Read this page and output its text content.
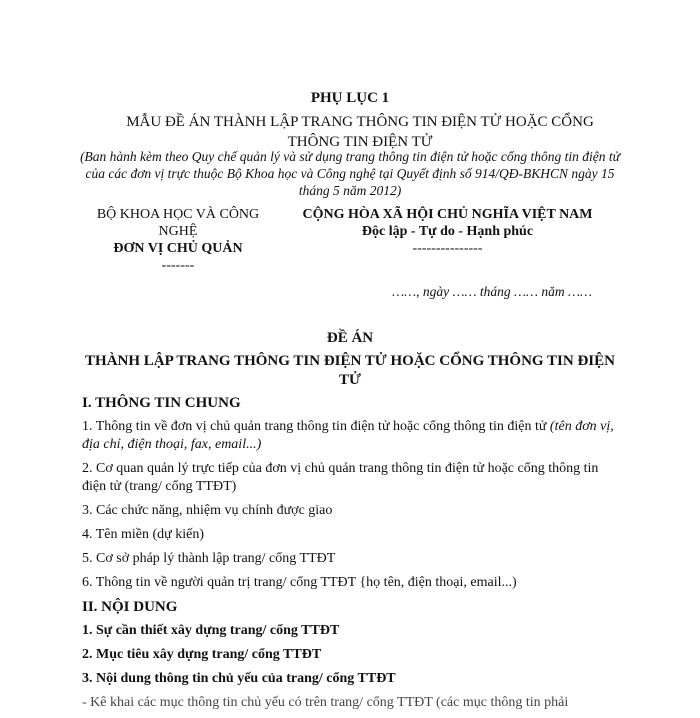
PHỤ LỤC 1
MẪU ĐỀ ÁN THÀNH LẬP TRANG THÔNG TIN ĐIỆN TỬ HOẶC CỔNG THÔNG TIN ĐIỆN TỬ
(Ban hành kèm theo Quy chế quản lý và sử dụng trang thông tin điện tử hoặc cổng thông tin điện tử của các đơn vị trực thuộc Bộ Khoa học và Công nghệ tại Quyết định số 914/QĐ-BKHCN ngày 15 tháng 5 năm 2012)
BỘ KHOA HỌC VÀ CÔNG NGHỆ
ĐƠN VỊ CHỦ QUẢN
-------
CỘNG HÒA XÃ HỘI CHỦ NGHĨA VIỆT NAM
Độc lập - Tự do - Hạnh phúc
---------------
……, ngày …… tháng …… năm ……
ĐỀ ÁN
THÀNH LẬP TRANG THÔNG TIN ĐIỆN TỬ HOẶC CỔNG THÔNG TIN ĐIỆN TỬ
I. THÔNG TIN CHUNG
1. Thông tin về đơn vị chủ quản trang thông tin điện tử hoặc cổng thông tin điện tử (tên đơn vị, địa chỉ, điện thoại, fax, email...)
2. Cơ quan quản lý trực tiếp của đơn vị chủ quản trang thông tin điện tử hoặc cổng thông tin điện tử (trang/ cổng TTĐT)
3. Các chức năng, nhiệm vụ chính được giao
4. Tên miền (dự kiến)
5. Cơ sở pháp lý thành lập trang/ cổng TTĐT
6. Thông tin về người quản trị trang/ cổng TTĐT {họ tên, điện thoại, email...)
II. NỘI DUNG
1. Sự cần thiết xây dựng trang/ cổng TTĐT
2. Mục tiêu xây dựng trang/ cổng TTĐT
3. Nội dung thông tin chủ yếu của trang/ cổng TTĐT
- Kê khai các mục thông tin chủ yếu có trên trang/ cổng TTĐT (các mục thông tin phải
